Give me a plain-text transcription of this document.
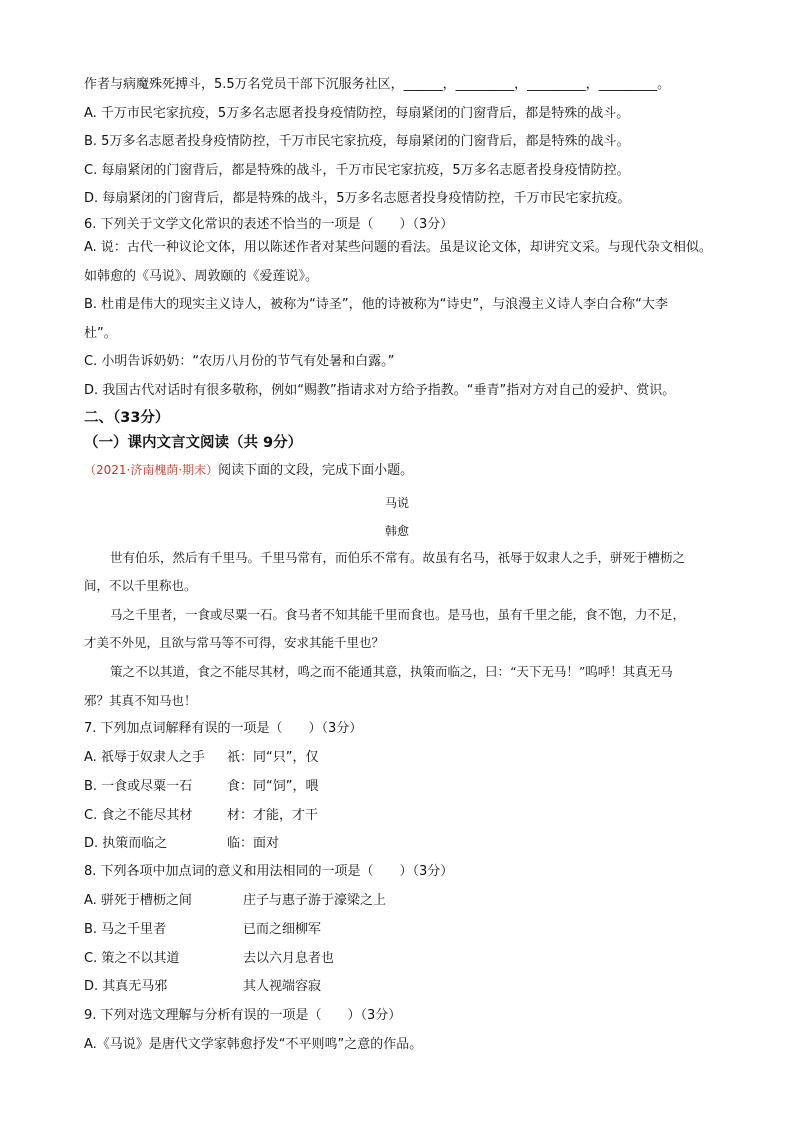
作者与病魔殊死搏斗，5.5万名党员干部下沉服务社区，______，_________，_________，_________。
A. 千万市民宅家抗疫，5万多名志愿者投身疫情防控，每扇紧闭的门窗背后，都是特殊的战斗。
B. 5万多名志愿者投身疫情防控，千万市民宅家抗疫，每扇紧闭的门窗背后，都是特殊的战斗。
C. 每扇紧闭的门窗背后，都是特殊的战斗，千万市民宅家抗疫，5万多名志愿者投身疫情防控。
D. 每扇紧闭的门窗背后，都是特殊的战斗，5万多名志愿者投身疫情防控，千万市民宅家抗疫。
6. 下列关于文学文化常识的表述不恰当的一项是（　　）（3分）
A. 说：古代一种议论文体，用以陈述作者对某些问题的看法。虽是议论文体，却讲究文采。与现代杂文相似。
如韩愈的《马说》、周敦颐的《爱莲说》。
B. 杜甫是伟大的现实主义诗人，被称为“诗圣”，他的诗被称为“诗史”，与浪漫主义诗人李白合称“大李
杜”。
C. 小明告诉奶奶：“农历八月份的节气有处暑和白露。”
D. 我国古代对话时有很多敬称，例如“赐教”指请求对方给予指教。“垂青”指对方对自己的爱护、赏识。
二、（33分）
（一）课内文言文阅读（共 9分）
（2021·济南槐荫·期末）阅读下面的文段，完成下面小题。
马说
韩愈
世有伯乐，然后有千里马。千里马常有，而伯乐不常有。故虽有名马，祇辱于奴隶人之手，骈死于槽枥之
间，不以千里称也。
马之千里者，一食或尽粟一石。食马者不知其能千里而食也。是马也，虽有千里之能，食不饱，力不足，
才美不外见，且欲与常马等不可得，安求其能千里也？
策之不以其道，食之不能尽其材，鸣之而不能通其意，执策而临之，曰：“天下无马！”呜呼！其真无马
邪？其真不知马也！
7. 下列加点词解释有误的一项是（　　）（3分）
A. 祇辱于奴隶人之手 祇：同“只”，仅
B. 一食或尽粟一石	食：同“饲”，喂
C. 食之不能尽其材	材：才能，才干
D. 执策而临之	临：面对
8. 下列各项中加点词的意义和用法相同的一项是（　　）（3分）
A. 骈死于槽枥之间	庄子与惠子游于濠梁之上
B. 马之千里者	已而之细柳军
C. 策之不以其道	去以六月息者也
D. 其真无马邪	其人视端容寂
9. 下列对选文理解与分析有误的一项是（　　）（3分）
A.《马说》是唐代文学家韩愈抒发“不平则鸣”之意的作品。
